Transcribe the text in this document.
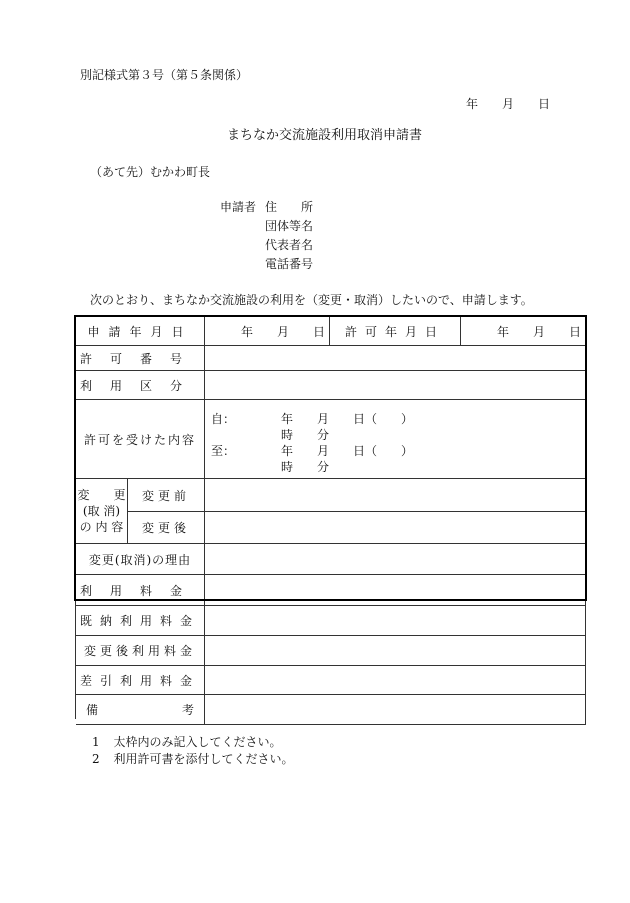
別記様式第３号（第５条関係）
年　　月　　日
まちなか交流施設利用取消申請書
（あて先）むかわ町長
申請者 住　　所
団体等名
代表者名
電話番号
次のとおり、まちなか交流施設の利用を（変更・取消）したいので、申請します。
申請年月日	年　　月　　日 許可年月日	年　　月　　日
許可番号
利用区分
許可を受けた内容
自：	年　　月　　日（　　）
時　　分
至：	年　　月　　日（　　）
時　　分
変　　更
(取 消)
の 内 容
変更前
変更後
変更(取消)の理由
利用料金
既納利用料金
変更後利用料金
差引利用料金
備	考
1 太枠内のみ記入してください。
2 利用許可書を添付してください。
